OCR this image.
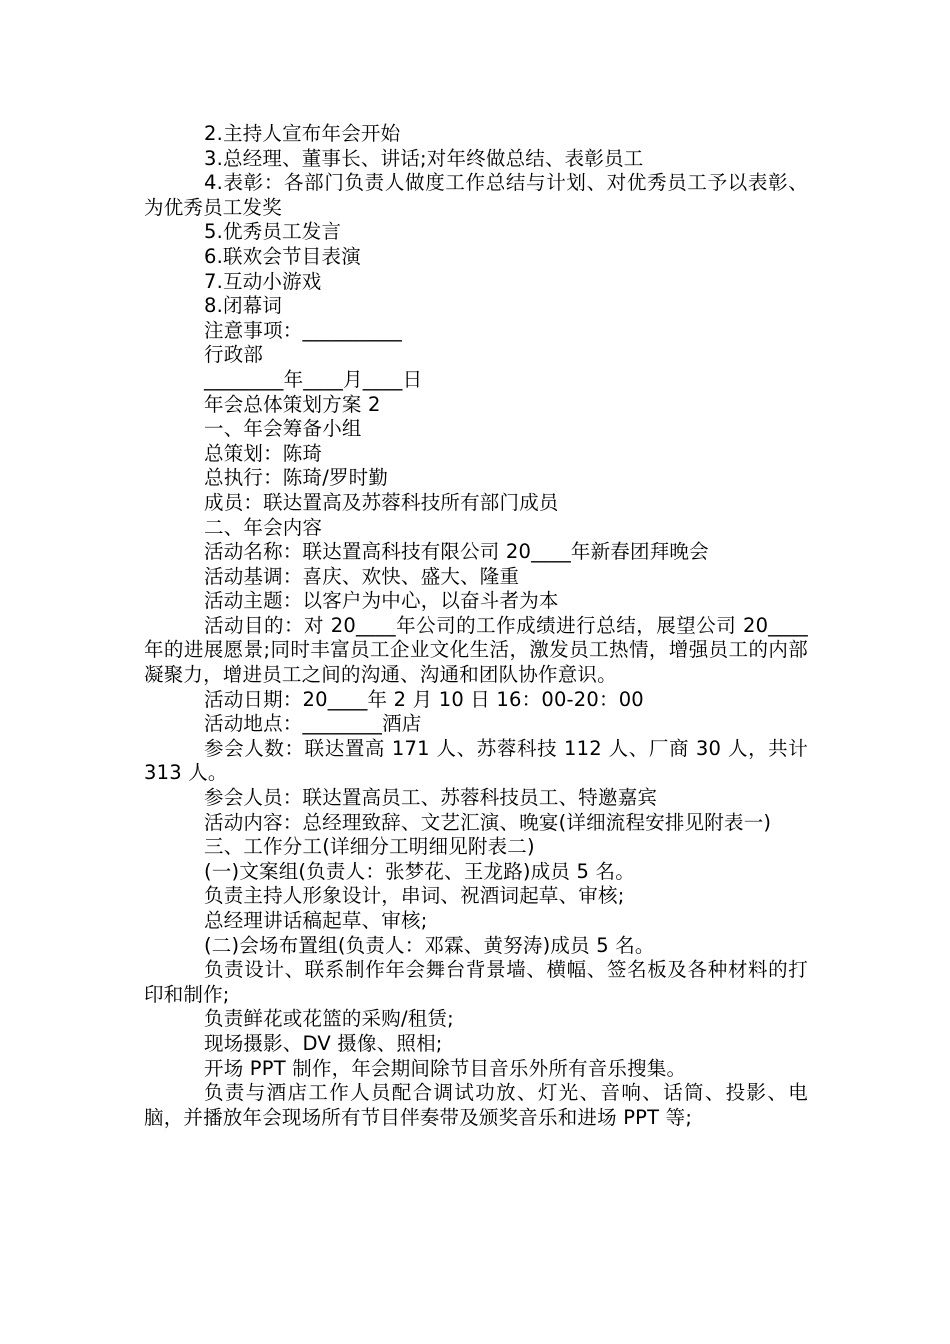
2.主持人宣布年会开始

3.总经理、董事长、讲话;对年终做总结、表彰员工

4.表彰：各部门负责人做度工作总结与计划、对优秀员工予以表彰、为优秀员工发奖

5.优秀员工发言

6.联欢会节目表演

7.互动小游戏

8.闭幕词

注意事项：__________

行政部

________年____月____日

年会总体策划方案 2

一、年会筹备小组

总策划：陈琦

总执行：陈琦/罗时勤

成员：联达置高及苏蓉科技所有部门成员

二、年会内容

活动名称：联达置高科技有限公司 20____年新春团拜晚会

活动基调：喜庆、欢快、盛大、隆重

活动主题：以客户为中心，以奋斗者为本

活动目的：对 20____年公司的工作成绩进行总结，展望公司 20____年的进展愿景;同时丰富员工企业文化生活，激发员工热情，增强员工的内部凝聚力，增进员工之间的沟通、沟通和团队协作意识。

活动日期：20____年 2 月 10 日 16：00-20：00

活动地点：________酒店

参会人数：联达置高 171 人、苏蓉科技 112 人、厂商 30 人，共计 313 人。

参会人员：联达置高员工、苏蓉科技员工、特邀嘉宾

活动内容：总经理致辞、文艺汇演、晚宴(详细流程安排见附表一)

三、工作分工(详细分工明细见附表二)

(一)文案组(负责人：张梦花、王龙路)成员 5 名。

负责主持人形象设计，串词、祝酒词起草、审核;

总经理讲话稿起草、审核;

(二)会场布置组(负责人：邓霖、黄努涛)成员 5 名。

负责设计、联系制作年会舞台背景墙、横幅、签名板及各种材料的打印和制作;

负责鲜花或花篮的采购/租赁;

现场摄影、DV 摄像、照相;

开场 PPT 制作，年会期间除节目音乐外所有音乐搜集。

负责与酒店工作人员配合调试功放、灯光、音响、话筒、投影、电脑，并播放年会现场所有节目伴奏带及颁奖音乐和进场 PPT 等;
